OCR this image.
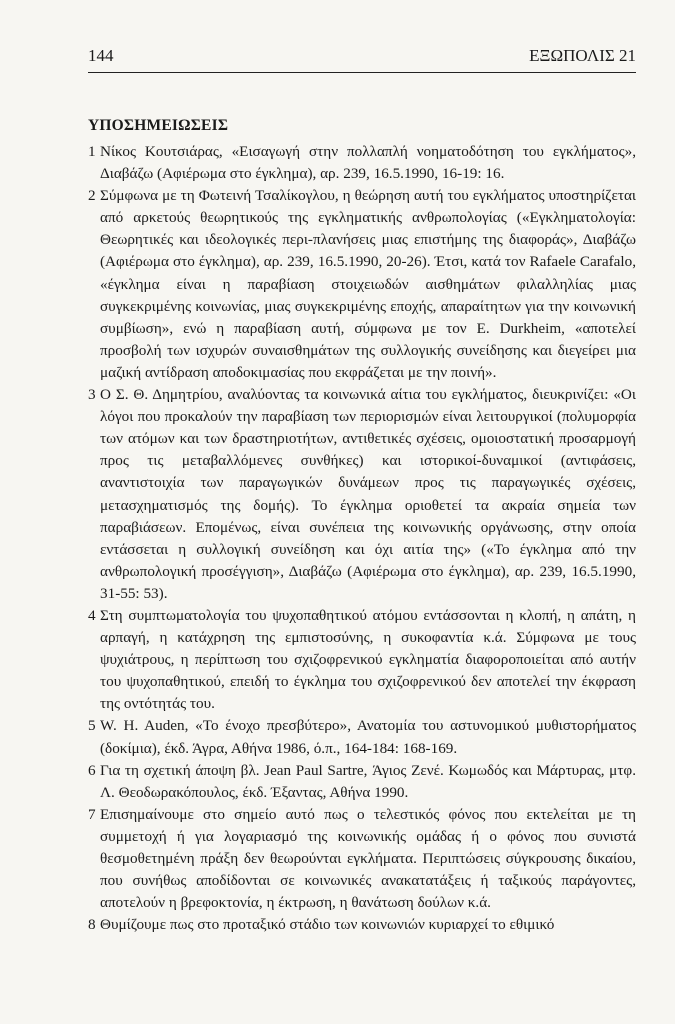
144	ΕΞΩΠΟΛΙΣ 21
ΥΠΟΣΗΜΕΙΩΣΕΙΣ
1 Νίκος Κουτσιάρας, «Εισαγωγή στην πολλαπλή νοηματοδότηση του εγκλήματος», Διαβάζω (Αφιέρωμα στο έγκλημα), αρ. 239, 16.5.1990, 16-19: 16.
2 Σύμφωνα με τη Φωτεινή Τσαλίκογλου, η θεώρηση αυτή του εγκλήματος υποστηρίζεται από αρκετούς θεωρητικούς της εγκληματικής ανθρωπολογίας («Εγκληματολογία: Θεωρητικές και ιδεολογικές περι-πλανήσεις μιας επιστήμης της διαφοράς», Διαβάζω (Αφιέρωμα στο έγκλημα), αρ. 239, 16.5.1990, 20-26). Έτσι, κατά τον Rafaele Carafalo, «έγκλημα είναι η παραβίαση στοιχειωδών αισθημάτων φιλαλληλίας μιας συγκεκριμένης κοινωνίας, μιας συγκεκριμένης εποχής, απαραίτητων για την κοινωνική συμβίωση», ενώ η παραβίαση αυτή, σύμφωνα με τον E. Durkheim, «αποτελεί προσβολή των ισχυρών συναισθημάτων της συλλογικής συνείδησης και διεγείρει μια μαζική αντίδραση αποδοκιμασίας που εκφράζεται με την ποινή».
3 Ο Σ. Θ. Δημητρίου, αναλύοντας τα κοινωνικά αίτια του εγκλήματος, διευκρινίζει: «Οι λόγοι που προκαλούν την παραβίαση των περιορισμών είναι λειτουργικοί (πολυμορφία των ατόμων και των δραστηριοτήτων, αντιθετικές σχέσεις, ομοιοστατική προσαρμογή προς τις μεταβαλλόμενες συνθήκες) και ιστορικοί-δυναμικοί (αντιφάσεις, αναντιστοιχία των παραγωγικών δυνάμεων προς τις παραγωγικές σχέσεις, μετασχηματισμός της δομής). Το έγκλημα οριοθετεί τα ακραία σημεία των παραβιάσεων. Επομένως, είναι συνέπεια της κοινωνικής οργάνωσης, στην οποία εντάσσεται η συλλογική συνείδηση και όχι αιτία της» («Το έγκλημα από την ανθρωπολογική προσέγγιση», Διαβάζω (Αφιέρωμα στο έγκλημα), αρ. 239, 16.5.1990, 31-55: 53).
4 Στη συμπτωματολογία του ψυχοπαθητικού ατόμου εντάσσονται η κλοπή, η απάτη, η αρπαγή, η κατάχρηση της εμπιστοσύνης, η συκοφαντία κ.ά. Σύμφωνα με τους ψυχιάτρους, η περίπτωση του σχιζοφρενικού εγκληματία διαφοροποιείται από αυτήν του ψυχοπαθητικού, επειδή το έγκλημα του σχιζοφρενικού δεν αποτελεί την έκφραση της οντότητάς του.
5 W. H. Auden, «Το ένοχο πρεσβύτερο», Ανατομία του αστυνομικού μυθιστορήματος (δοκίμια), έκδ. Άγρα, Αθήνα 1986, ό.π., 164-184: 168-169.
6 Για τη σχετική άποψη βλ. Jean Paul Sartre, Άγιος Ζενέ. Κωμωδός και Μάρτυρας, μτφ. Λ. Θεοδωρακόπουλος, έκδ. Έξαντας, Αθήνα 1990.
7 Επισημαίνουμε στο σημείο αυτό πως ο τελεστικός φόνος που εκτελείται με τη συμμετοχή ή για λογαριασμό της κοινωνικής ομάδας ή ο φόνος που συνιστά θεσμοθετημένη πράξη δεν θεωρούνται εγκλήματα. Περιπτώσεις σύγκρουσης δικαίου, που συνήθως αποδίδονται σε κοινωνικές ανακατατάξεις ή ταξικούς παράγοντες, αποτελούν η βρεφοκτονία, η έκτρωση, η θανάτωση δούλων κ.ά.
8 Θυμίζουμε πως στο προταξικό στάδιο των κοινωνιών κυριαρχεί το εθιμικό
